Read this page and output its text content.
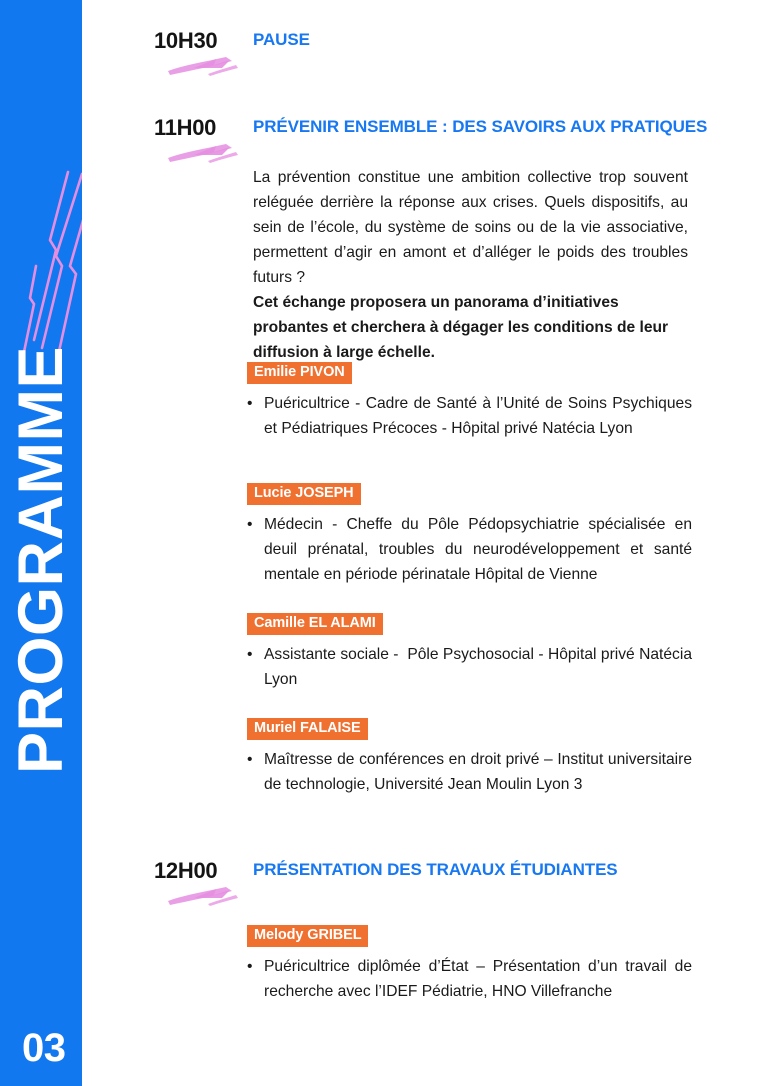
PROGRAMME
03
10H30 PAUSE
11H00 PRÉVENIR ENSEMBLE : DES SAVOIRS AUX PRATIQUES

La prévention constitue une ambition collective trop souvent reléguée derrière la réponse aux crises. Quels dispositifs, au sein de l’école, du système de soins ou de la vie associative, permettent d’agir en amont et d’alléger le poids des troubles futurs ?

Cet échange proposera un panorama d’initiatives probantes et cherchera à dégager les conditions de leur diffusion à large échelle.

Emilie PIVON
• Puéricultrice - Cadre de Santé à l’Unité de Soins Psychiques et Pédiatriques Précoces - Hôpital privé Natécia Lyon
Lucie JOSEPH
• Médecin - Cheffe du Pôle Pédopsychiatrie spécialisée en deuil prénatal, troubles du neurodéveloppement et santé mentale en période périnatale Hôpital de Vienne
Camille EL ALAMI
• Assistante sociale -  Pôle Psychosocial - Hôpital privé Natécia Lyon
Muriel FALAISE
• Maîtresse de conférences en droit privé – Institut universitaire de technologie, Université Jean Moulin Lyon 3
12H00 PRÉSENTATION DES TRAVAUX ÉTUDIANTES
Melody GRIBEL
• Puéricultrice diplômée d’État – Présentation d’un travail de recherche avec l’IDEF Pédiatrie, HNO Villefranche
